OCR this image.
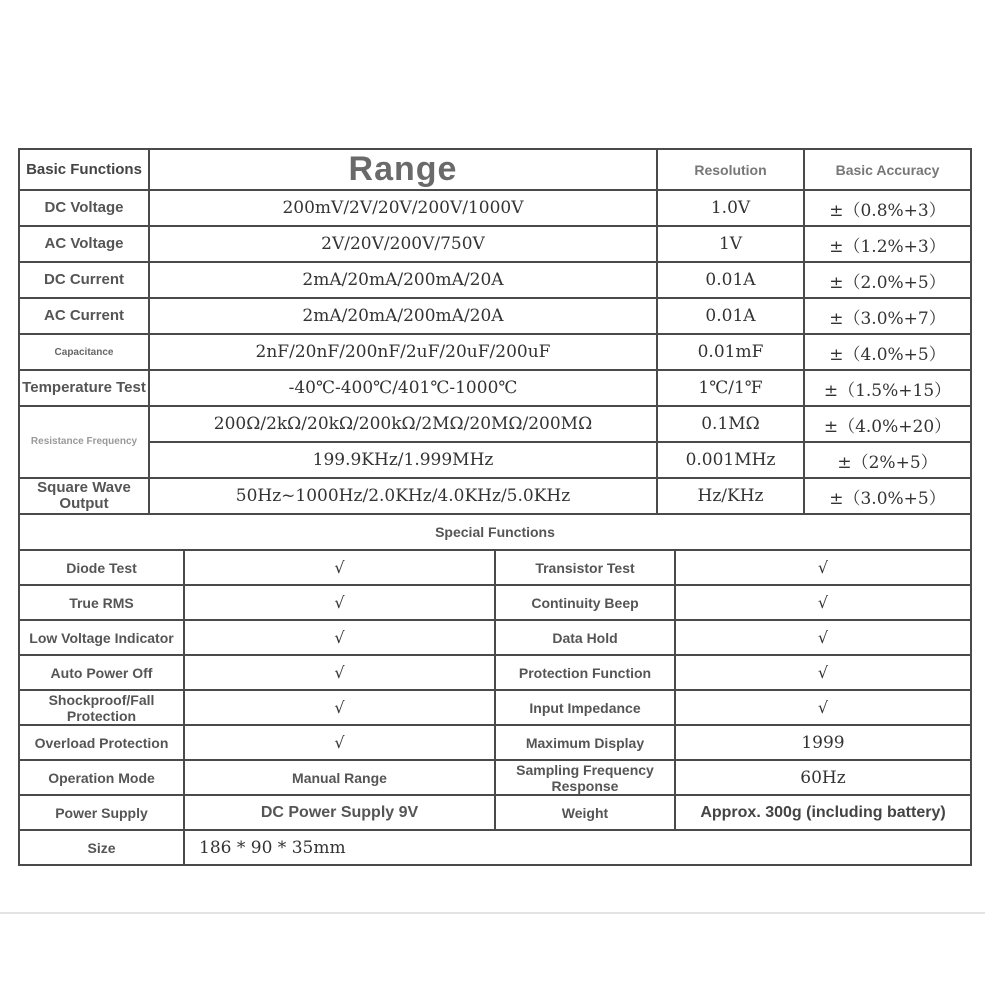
Basic Functions	Range	Resolution	Basic Accuracy
DC Voltage	200mV/2V/20V/200V/1000V	1.0V	±（0.8%+3）
AC Voltage	2V/20V/200V/750V	1V	±（1.2%+3）
DC Current	2mA/20mA/200mA/20A	0.01A	±（2.0%+5）
AC Current	2mA/20mA/200mA/20A	0.01A	±（3.0%+7）
Capacitance	2nF/20nF/200nF/2uF/20uF/200uF	0.01mF	±（4.0%+5）
Temperature Test	-40℃-400℃/401℃-1000℃	1℃/1℉	±（1.5%+15）
Resistance Frequency	200Ω/2kΩ/20kΩ/200kΩ/2MΩ/20MΩ/200MΩ	0.1MΩ	±（4.0%+20）
	199.9KHz/1.999MHz	0.001MHz	±（2%+5）
Square Wave Output	50Hz~1000Hz/2.0KHz/4.0KHz/5.0KHz	Hz/KHz	±（3.0%+5）
Special Functions			
Diode Test	√	Transistor Test	√
True RMS	√	Continuity Beep	√
Low Voltage Indicator	√	Data Hold	√
Auto Power Off	√	Protection Function	√
Shockproof/Fall Protection	√	Input Impedance	√
Overload Protection	√	Maximum Display	1999
Operation Mode	Manual Range	Sampling Frequency Response	60Hz
Power Supply	DC Power Supply 9V	Weight	Approx. 300g (including battery)
Size	186 * 90 * 35mm		
